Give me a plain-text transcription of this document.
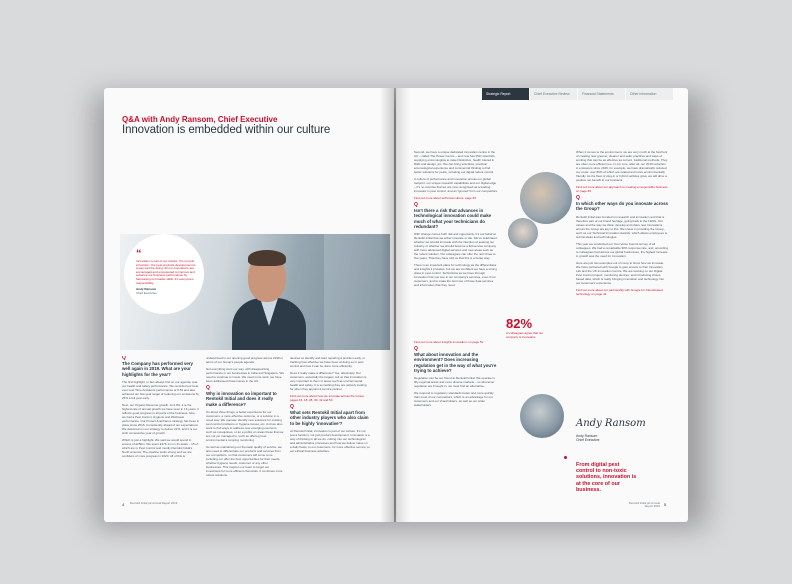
Q&A with Andy Ransom, Chief Executive
Innovation is embedded within our culture
“
Innovation is part of our culture. It is not just a function. Our pest products development is a way we'll be doing. All our innovations are encouraged and empowered to improve and enhance our business performance by harnessing its broader skills. It's everyone's responsibility.
Andy Ransom
Chief Executive
Q
The Company has performed very well again in 2019. What are your highlights for the year?

The first highlight, in fact always first on our agenda, was our health and safety performance. We recorded our best ever Lost Time Accidents performance of 0.53 and also achieved our five-year target of reducing our emissions by 25% a full year early.

Next, our Organic Revenue growth. At 4.0%, it is the highest rate of annual growth we have seen in 16 years. It reflects good progress in all parts of the business. Also, we had a Pest Control, Hygiene and Workwear performance. Our Protect & Enhance strategy has been in place since 2016. Consistently ahead of our expectations. We delivered on our strategy to deliver 21%, and it is our sixth consecutive year of growth.

Which is just a highlight. We said we would spend in excess of £250m. We spent £376.1m on 41 deals – 15 of which are in Pest Control and mostly Rentokil Initial's North America. The pipeline looks strong and we are confident of more progress in 2020. All of this is

underpinned in our opening good progress across 2018 in terms of our Group's people agenda.

Not everything went our way, with disappointing performance in our businesses in India and Singapore. We need to continue to invest. We need more work, we have been addressed those issues in the UK.

Q
Why is innovation so important to Rentokil Initial and does it really make a difference?

It's about three things: a better experience for our customers, a more effective outcome, or a solution in a novel way. We operate: identify new solutions for existing pest control problems or hygiene issues, etc. And we also want to find ways to address new emerging concerns, such as mosquitoes, or an a public on areas these that we are not yet managed to, such as offering food environmental a ramping monitoring.

As well as maintaining our thematic quality of service, we also need to differentiate our products and services from our competitors, so that customers will come to us including our offer the best opportunities for their needs, whether hygiene needs, customer or any other businesses. This inspires our team to target our investment for more efficient chemicals. It combines more robust solutions.

devices so identify and start repairing a problem early, or tracking how effective we have been at doing so in pest control and how it can be done more efficiently.

Does it really make a difference? Yes, absolutely. Our customers, especially the largest, tell us that innovation is very important to them in areas such as environmental, health and safety. It is something they are actively looking for when they appoint a service partner.

Find out more about how we innovate across the Group: pages 16, 18, 28, 30, 42 and 50
Q
What sets Rentokil Initial apart from other industry players who also claim to be highly 'innovative'?

At Rentokil Initial, innovation is part of our culture. It's not just a function, not just product development. Innovation is a way of thinking in all we do, cutting into our technological and administrative processes and how we deliver value on a daily basis, to our customers, for more effective service, to our ethical business activities.

4 Rentokil Initial plc Annual Report 2019
Strategic Report	Chief Executive Review	Financial Statements	Other Information

Second, we have a unique dedicated innovation centre in the UK – called The Power Centre – and now has PhD scientists, supplying entomologists to raise Distinctive, health trained in R&D and design, etc. We can bring scientists, practical entomological experience and commercial thinking to find better solutions for pests, including our digital rodent control.

A culture of performance and innovation across our global footprint, our unique research capabilities and our digital edge – it's no surprise that we are now recognised as a leading innovator in pest control, and an 'ignored' from our competitors.

Find out more about technical culture: page 36
Q
Isn't there a risk that advances in technological innovation could make much of what your technicians do redundant?

With change comes both risk and opportunity. It's our belief at Rentokil Initial that we either innovate or die. We've celebrated whether we should innovate with the intention of seeking our industry or whether we should become a full-service company with more advanced digital services and new areas such as the rodent solution. Our colleagues can offer the next three to five years. That they have told us that this is a better way.

There is an important place for technology as the differentiator and insights it provides, but we are confident we have a strong place in pest control. Technicians as we have through innovation that you see in our company's services, even if our customers, and to make the best use of those data services and information that they need.

Find out more about Insights innovation: on page 51
Q
What about innovation and the environment? Does increasing regulation get in the way of what you're trying to achieve?

Regulation can be our friend at Rentokil Initial. We operate in fifty regional areas and more diverse markets – so whenever regulation are brought in, we must find an alternative.

We respond to regulatory standards better and more quickly than most of our competitors, which is an advantage for our customers and our shareholders, as well as our wider stakeholders.

82%
of colleagues agree that our company is innovative
From digital pest control to non-toxic solutions, innovation is at the core of our business.

When it comes to the environment, we are very much at the forefront of creating new greener, cleaner and safer practices and ways of working that can be as effective as current, traditional methods. They are often more efficient too. In our core, after all, our 2019 reduction in emissions since 2016, for example, we have dramatically reduced our costs: over 80% of which are related and more environmentally friendly. As the fleet of plug-in or hybrid vehicles grow, we will drive a positive net benefit to our business.

Find out more about our approach to creating a responsible business on page 56
Q
In which other ways do you innovate across the Group?

Rentokil Initial was founded on research and innovation and that is therefore part of our brand heritage, going back to the 1920s. Our values and the way we think, develop and share new innovations across the Group are key to this. We invest in providing the Group, such as our Technical Innovation Awards, which allows employees to submit ideas and technologies.

This year we conducted our Your Voice Counts survey of all colleagues. We had a remarkable 90% response rate, and, according to colleagues had across our global businesses, the highest increase in growth was the need for innovation.

Here are just two examples out of many to show how we innovate. We have partnered with Google to gain access to their Innovation Lab and the UK Innovation Centre. We are working on our Digital Pest Control project, monitoring devices, and introducing Cloud-based data, which is really bringing innovation and technology into our customers' experience.

Find out more about our partnership with Google for Cloud-based technology on page 44
Andy Ransom
Andy Ransom
Chief Executive
Rentokil Initial plc Annual Report 2019 5
